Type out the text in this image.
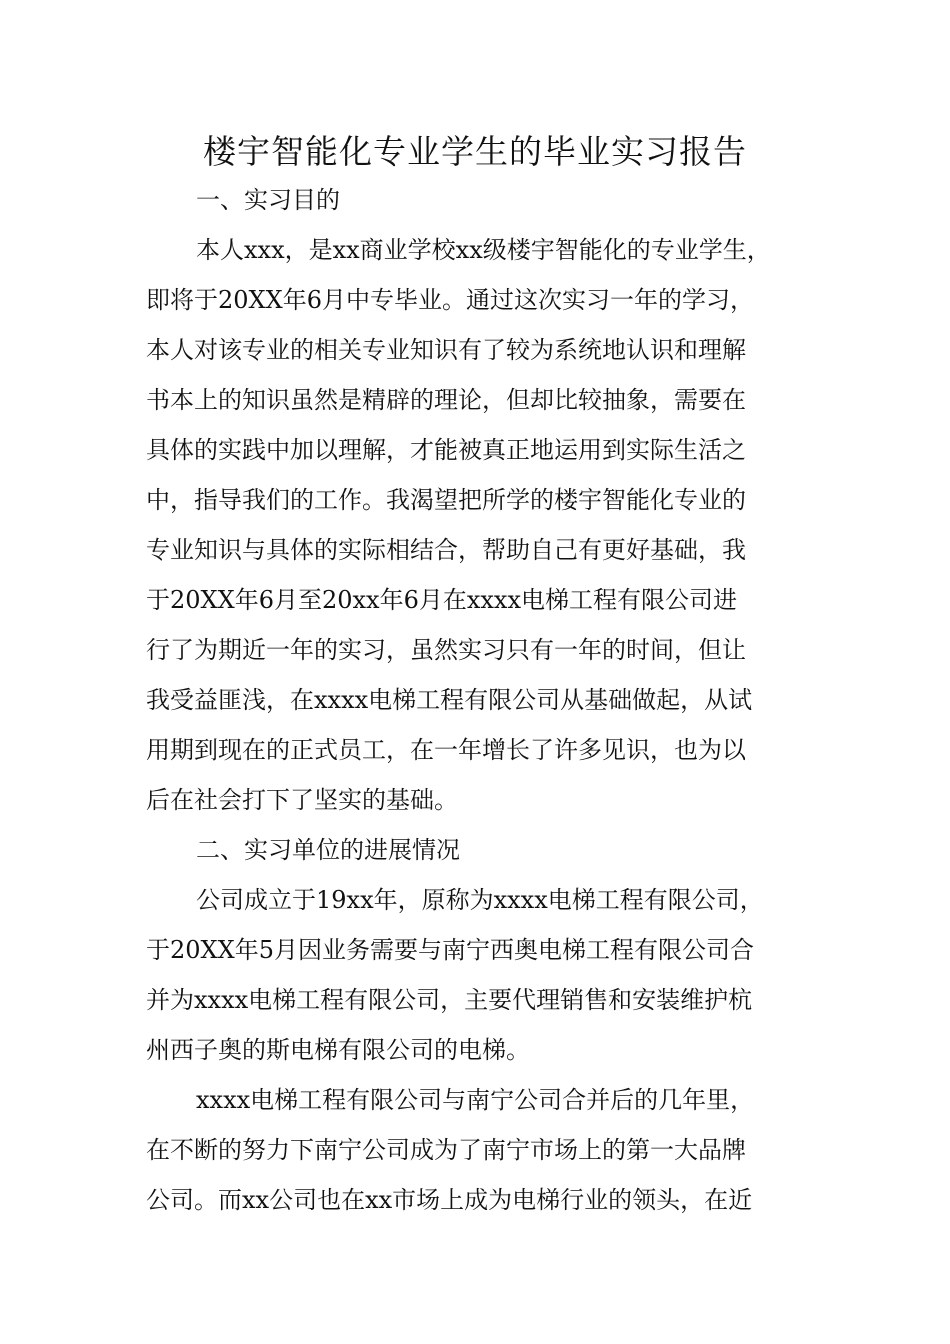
楼宇智能化专业学生的毕业实习报告

一、实习目的

本人xxx，是xx商业学校xx级楼宇智能化的专业学生，

即将于20XX年6月中专毕业。通过这次实习一年的学习，

本人对该专业的相关专业知识有了较为系统地认识和理解

书本上的知识虽然是精辟的理论，但却比较抽象，需要在

具体的实践中加以理解，才能被真正地运用到实际生活之

中，指导我们的工作。我渴望把所学的楼宇智能化专业的

专业知识与具体的实际相结合，帮助自己有更好基础，我

于20XX年6月至20xx年6月在xxxx电梯工程有限公司进

行了为期近一年的实习，虽然实习只有一年的时间，但让

我受益匪浅，在xxxx电梯工程有限公司从基础做起，从试

用期到现在的正式员工，在一年增长了许多见识，也为以

后在社会打下了坚实的基础。

二、实习单位的进展情况

公司成立于19xx年，原称为xxxx电梯工程有限公司，

于20XX年5月因业务需要与南宁西奥电梯工程有限公司合

并为xxxx电梯工程有限公司，主要代理销售和安装维护杭

州西子奥的斯电梯有限公司的电梯。

xxxx电梯工程有限公司与南宁公司合并后的几年里，

在不断的努力下南宁公司成为了南宁市场上的第一大品牌

公司。而xx公司也在xx市场上成为电梯行业的领头，在近
